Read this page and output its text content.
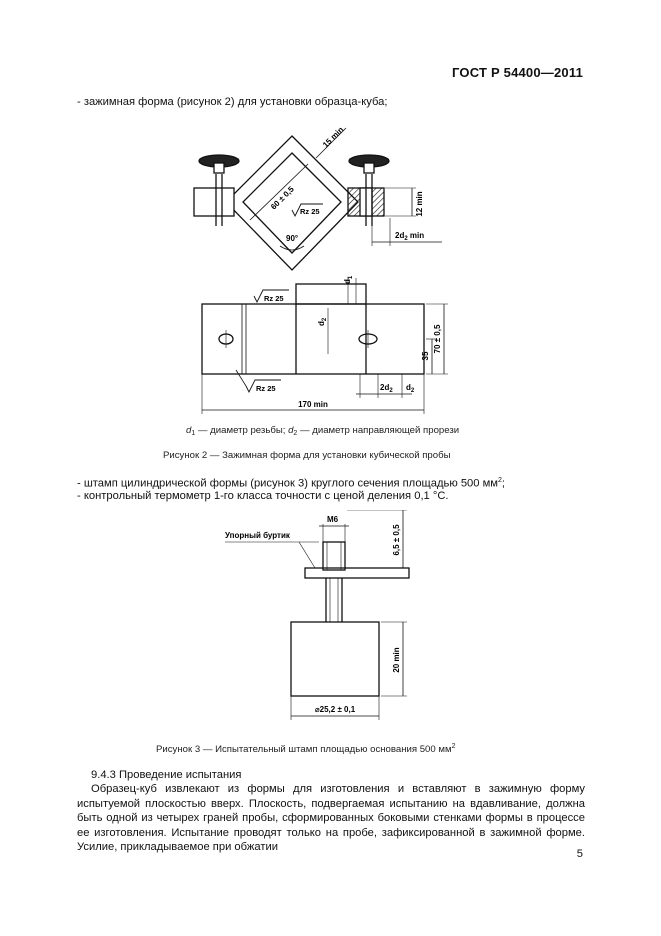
ГОСТ Р 54400—2011
- зажимная форма (рисунок 2) для установки образца-куба;
15 min
60 ± 0,5
Rz 25
90°
12 min
$2d_2$ min
Rz 25
Rz 25
$d_1$
$d_2$
70 ± 0,5
35
$2d_2$ $d_2$
170 min
$d_1$ — диаметр резьбы; $d_2$ — диаметр направляющей прорези
Рисунок 2 — Зажимная форма для установки кубической пробы
- штамп цилиндрической формы (рисунок 3) круглого сечения площадью 500 $мм^2$;
- контрольный термометр 1-го класса точности с ценой деления 0,1 °С.
М6
Упорный буртик	6,5 ± 0,5
20 min
⌀25,2 ± 0,1
Рисунок 3 — Испытательный штамп площадью основания 500 $мм^2$
9.4.3 Проведение испытания
Образец-куб извлекают из формы для изготовления и вставляют в зажимную форму испытуемой плоскостью вверх. Плоскость, подвергаемая испытанию на вдавливание, должна быть одной из четырех граней пробы, сформированных боковыми стенками формы в процессе ее изготовления. Испытание проводят только на пробе, зафиксированной в зажимной форме. Усилие, прикладываемое при обжатии
5
